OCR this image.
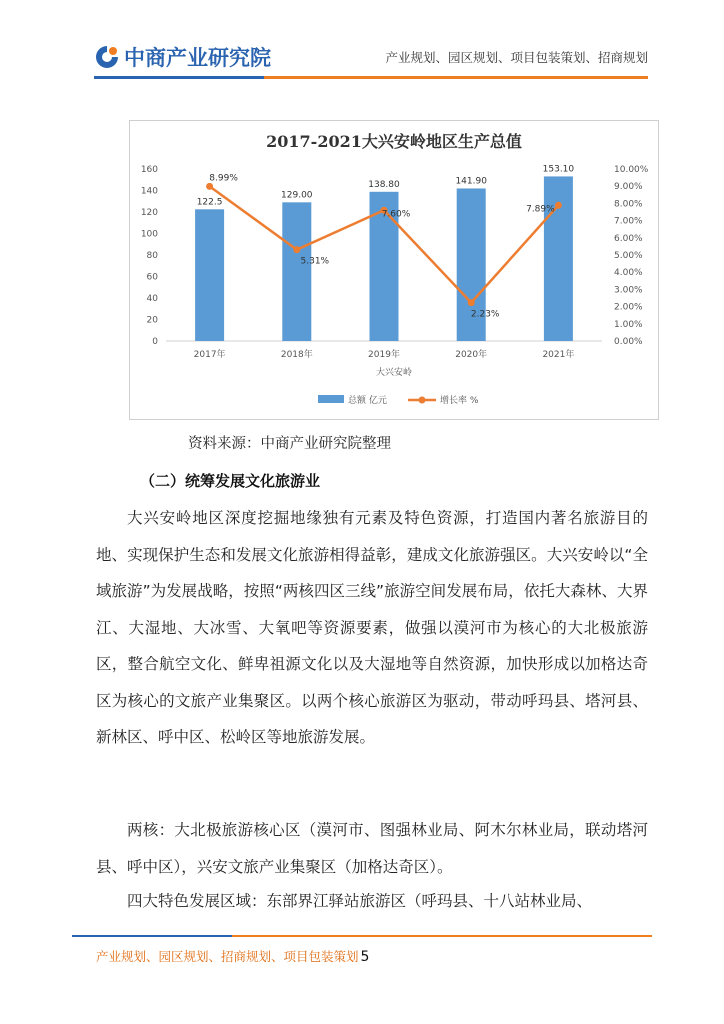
中商产业研究院	产业规划、园区规划、项目包装策划、招商规划
2017-2021大兴安岭地区生产总值
0
20
40
60
80
100
120
140
160
0.00%
1.00%
2.00%
3.00%
4.00%
5.00%
6.00%
7.00%
8.00%
9.00%
10.00%
122.5
129.00
138.80	141.90
153.10
8.99%
5.31%
7.60%
2.23%
7.89%
2017年	2018年	2019年	2020年	2021年
大兴安岭
总额 亿元	增长率 %
资料来源：中商产业研究院整理
（二）统筹发展文化旅游业
大兴安岭地区深度挖掘地缘独有元素及特色资源，打造国内著名旅游目的地、实现保护生态和发展文化旅游相得益彰，建成文化旅游强区。大兴安岭以“全域旅游”为发展战略，按照“两核四区三线”旅游空间发展布局，依托大森林、大界江、大湿地、大冰雪、大氧吧等资源要素，做强以漠河市为核心的大北极旅游区，整合航空文化、鲜卑祖源文化以及大湿地等自然资源，加快形成以加格达奇区为核心的文旅产业集聚区。以两个核心旅游区为驱动，带动呼玛县、塔河县、新林区、呼中区、松岭区等地旅游发展。
两核：大北极旅游核心区（漠河市、图强林业局、阿木尔林业局，联动塔河县、呼中区），兴安文旅产业集聚区（加格达奇区）。
四大特色发展区域：东部界江驿站旅游区（呼玛县、十八站林业局、
产业规划、园区规划、招商规划、项目包装策划 5
